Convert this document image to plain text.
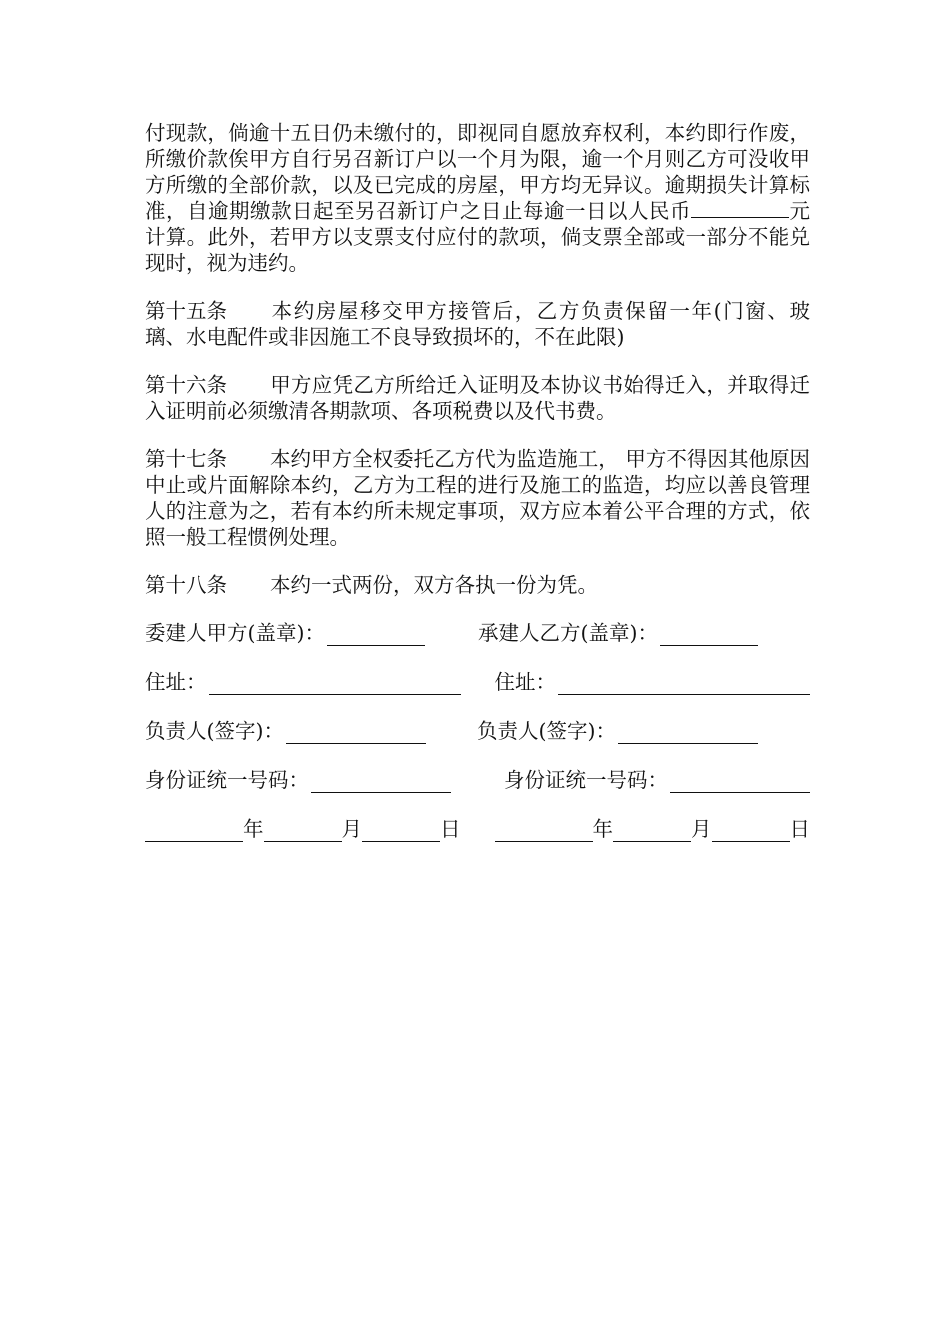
付现款，倘逾十五日仍未缴付的，即视同自愿放弃权利，本约即行作废，所缴价款俟甲方自行另召新订户以一个月为限，逾一个月则乙方可没收甲方所缴的全部价款，以及已完成的房屋，甲方均无异议。逾期损失计算标准，自逾期缴款日起至另召新订户之日止每逾一日以人民币	元计算。此外，若甲方以支票支付应付的款项，倘支票全部或一部分不能兑现时，视为违约。

第十五条 本约房屋移交甲方接管后，乙方负责保留一年(门窗、玻璃、水电配件或非因施工不良导致损坏的，不在此限)

第十六条 甲方应凭乙方所给迁入证明及本协议书始得迁入，并取得迁入证明前必须缴清各期款项、各项税费以及代书费。

第十七条 本约甲方全权委托乙方代为监造施工， 甲方不得因其他原因中止或片面解除本约，乙方为工程的进行及施工的监造，均应以善良管理人的注意为之，若有本约所未规定事项，双方应本着公平合理的方式，依照一般工程惯例处理。

第十八条 本约一式两份，双方各执一份为凭。

委建人甲方(盖章)：	承建人乙方(盖章)：
住址：	住址：
负责人(签字)：	负责人(签字)：
身份证统一号码：	身份证统一号码：
年	月	日	年	月	日
